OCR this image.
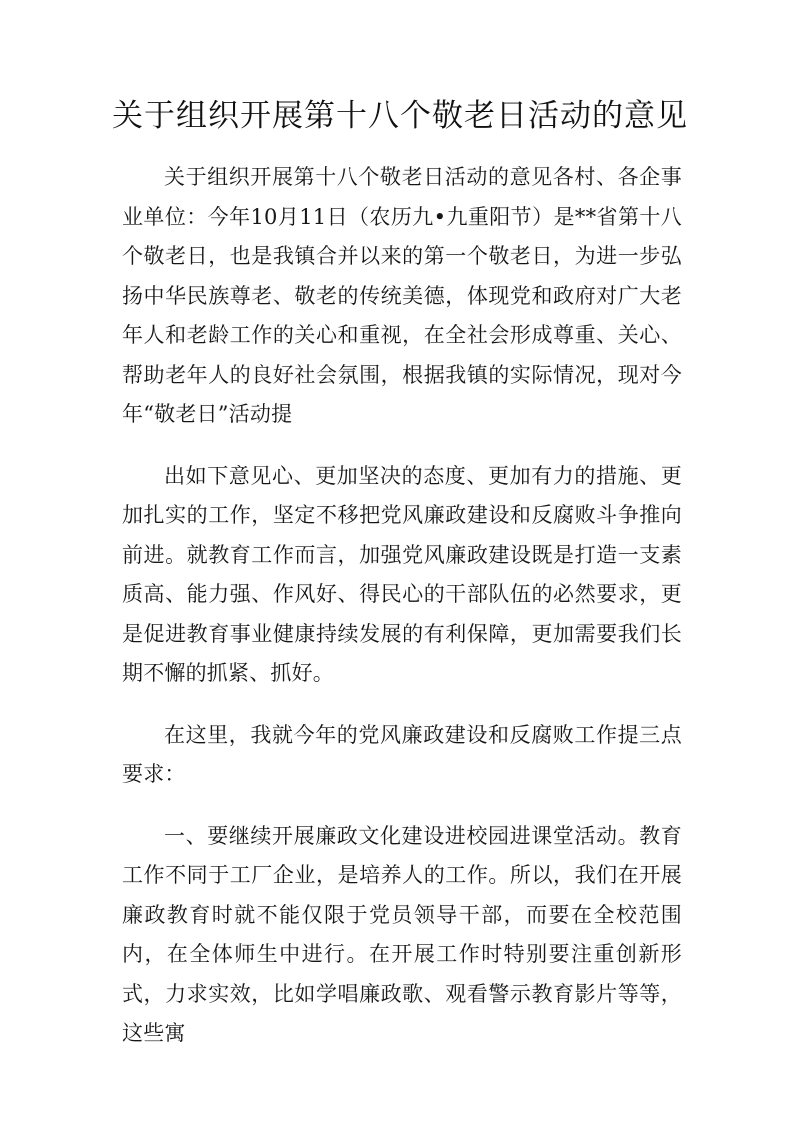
关于组织开展第十八个敬老日活动的意见

关于组织开展第十八个敬老日活动的意见各村、各企事业单位：今年10月11日（农历九•九重阳节）是**省第十八个敬老日，也是我镇合并以来的第一个敬老日，为进一步弘扬中华民族尊老、敬老的传统美德，体现党和政府对广大老年人和老龄工作的关心和重视，在全社会形成尊重、关心、帮助老年人的良好社会氛围，根据我镇的实际情况，现对今年“敬老日”活动提

出如下意见心、更加坚决的态度、更加有力的措施、更加扎实的工作，坚定不移把党风廉政建设和反腐败斗争推向前进。就教育工作而言，加强党风廉政建设既是打造一支素质高、能力强、作风好、得民心的干部队伍的必然要求，更是促进教育事业健康持续发展的有利保障，更加需要我们长期不懈的抓紧、抓好。

在这里，我就今年的党风廉政建设和反腐败工作提三点要求：

一、要继续开展廉政文化建设进校园进课堂活动。教育工作不同于工厂企业，是培养人的工作。所以，我们在开展廉政教育时就不能仅限于党员领导干部，而要在全校范围内，在全体师生中进行。在开展工作时特别要注重创新形式，力求实效，比如学唱廉政歌、观看警示教育影片等等，这些寓
